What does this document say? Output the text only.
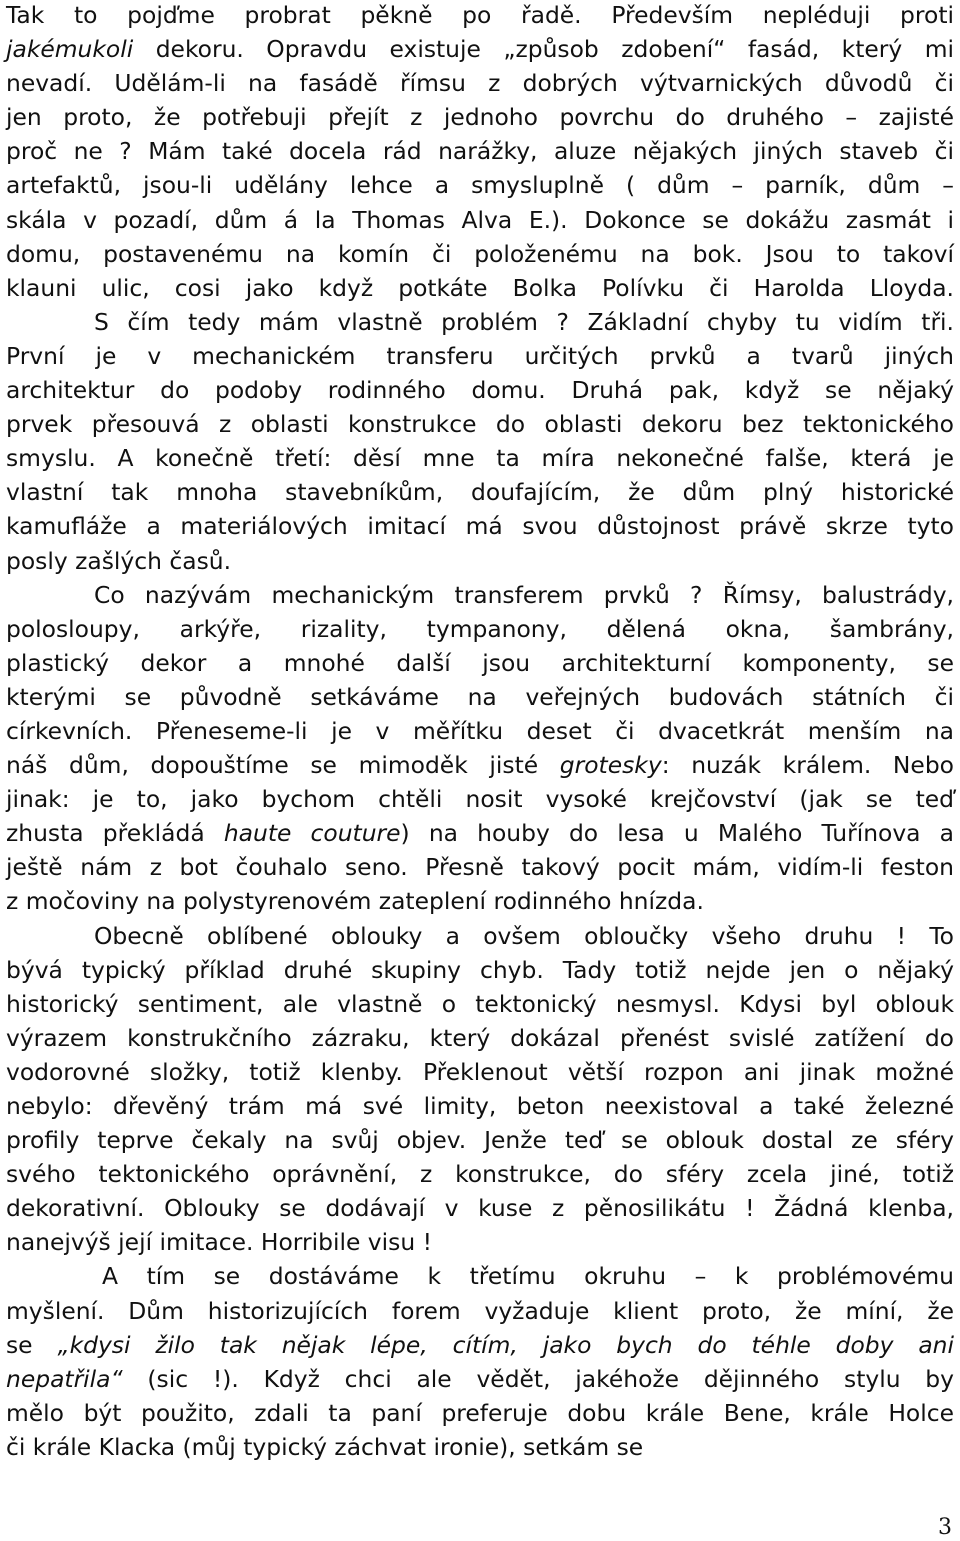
Tak to pojďme probrat pěkně po řadě. Především nepléduji proti
jakémukoli dekoru. Opravdu existuje „způsob zdobení“ fasád, který mi
nevadí. Udělám-li na fasádě římsu z dobrých výtvarnických důvodů či
jen proto, že potřebuji přejít z jednoho povrchu do druhého – zajisté
proč ne ? Mám také docela rád narážky, aluze nějakých jiných staveb či
artefaktů, jsou-li udělány lehce a smysluplně ( dům – parník, dům –
skála v pozadí, dům á la Thomas Alva E.). Dokonce se dokážu zasmát i
domu, postavenému na komín či položenému na bok. Jsou to takoví
klauni ulic, cosi jako když potkáte Bolka Polívku či Harolda Lloyda.
S čím tedy mám vlastně problém ? Základní chyby tu vidím tři.
První je v mechanickém transferu určitých prvků a tvarů jiných
architektur do podoby rodinného domu. Druhá pak, když se nějaký
prvek přesouvá z oblasti konstrukce do oblasti dekoru bez tektonického
smyslu. A konečně třetí: děsí mne ta míra nekonečné falše, která je
vlastní tak mnoha stavebníkům, doufajícím, že dům plný historické
kamufláže a materiálových imitací má svou důstojnost právě skrze tyto
posly zašlých časů.
Co nazývám mechanickým transferem prvků ? Římsy, balustrády,
polosloupy, arkýře, rizality, tympanony, dělená okna, šambrány,
plastický dekor a mnohé další jsou architekturní komponenty, se
kterými se původně setkáváme na veřejných budovách státních či
církevních. Přeneseme-li je v měřítku deset či dvacetkrát menším na
náš dům, dopouštíme se mimoděk jisté grotesky: nuzák králem. Nebo
jinak: je to, jako bychom chtěli nosit vysoké krejčovství (jak se teď
zhusta překládá haute couture) na houby do lesa u Malého Tuřínova a
ještě nám z bot čouhalo seno. Přesně takový pocit mám, vidím-li feston
z močoviny na polystyrenovém zateplení rodinného hnízda.
Obecně oblíbené oblouky a ovšem obloučky všeho druhu ! To
bývá typický příklad druhé skupiny chyb. Tady totiž nejde jen o nějaký
historický sentiment, ale vlastně o tektonický nesmysl. Kdysi byl oblouk
výrazem konstrukčního zázraku, který dokázal přenést svislé zatížení do
vodorovné složky, totiž klenby. Překlenout větší rozpon ani jinak možné
nebylo: dřevěný trám má své limity, beton neexistoval a také železné
profily teprve čekaly na svůj objev. Jenže teď se oblouk dostal ze sféry
svého tektonického oprávnění, z konstrukce, do sféry zcela jiné, totiž
dekorativní. Oblouky se dodávají v kuse z pěnosilikátu ! Žádná klenba,
nanejvýš její imitace. Horribile visu !
A tím se dostáváme k třetímu okruhu – k problémovému
myšlení. Dům historizujících forem vyžaduje klient proto, že míní, že
se „kdysi žilo tak nějak lépe, cítím, jako bych do téhle doby ani
nepatřila“ (sic !). Když chci ale vědět, jakéhože dějinného stylu by
mělo být použito, zdali ta paní preferuje dobu krále Bene, krále Holce
či krále Klacka (můj typický záchvat ironie), setkám se
3
